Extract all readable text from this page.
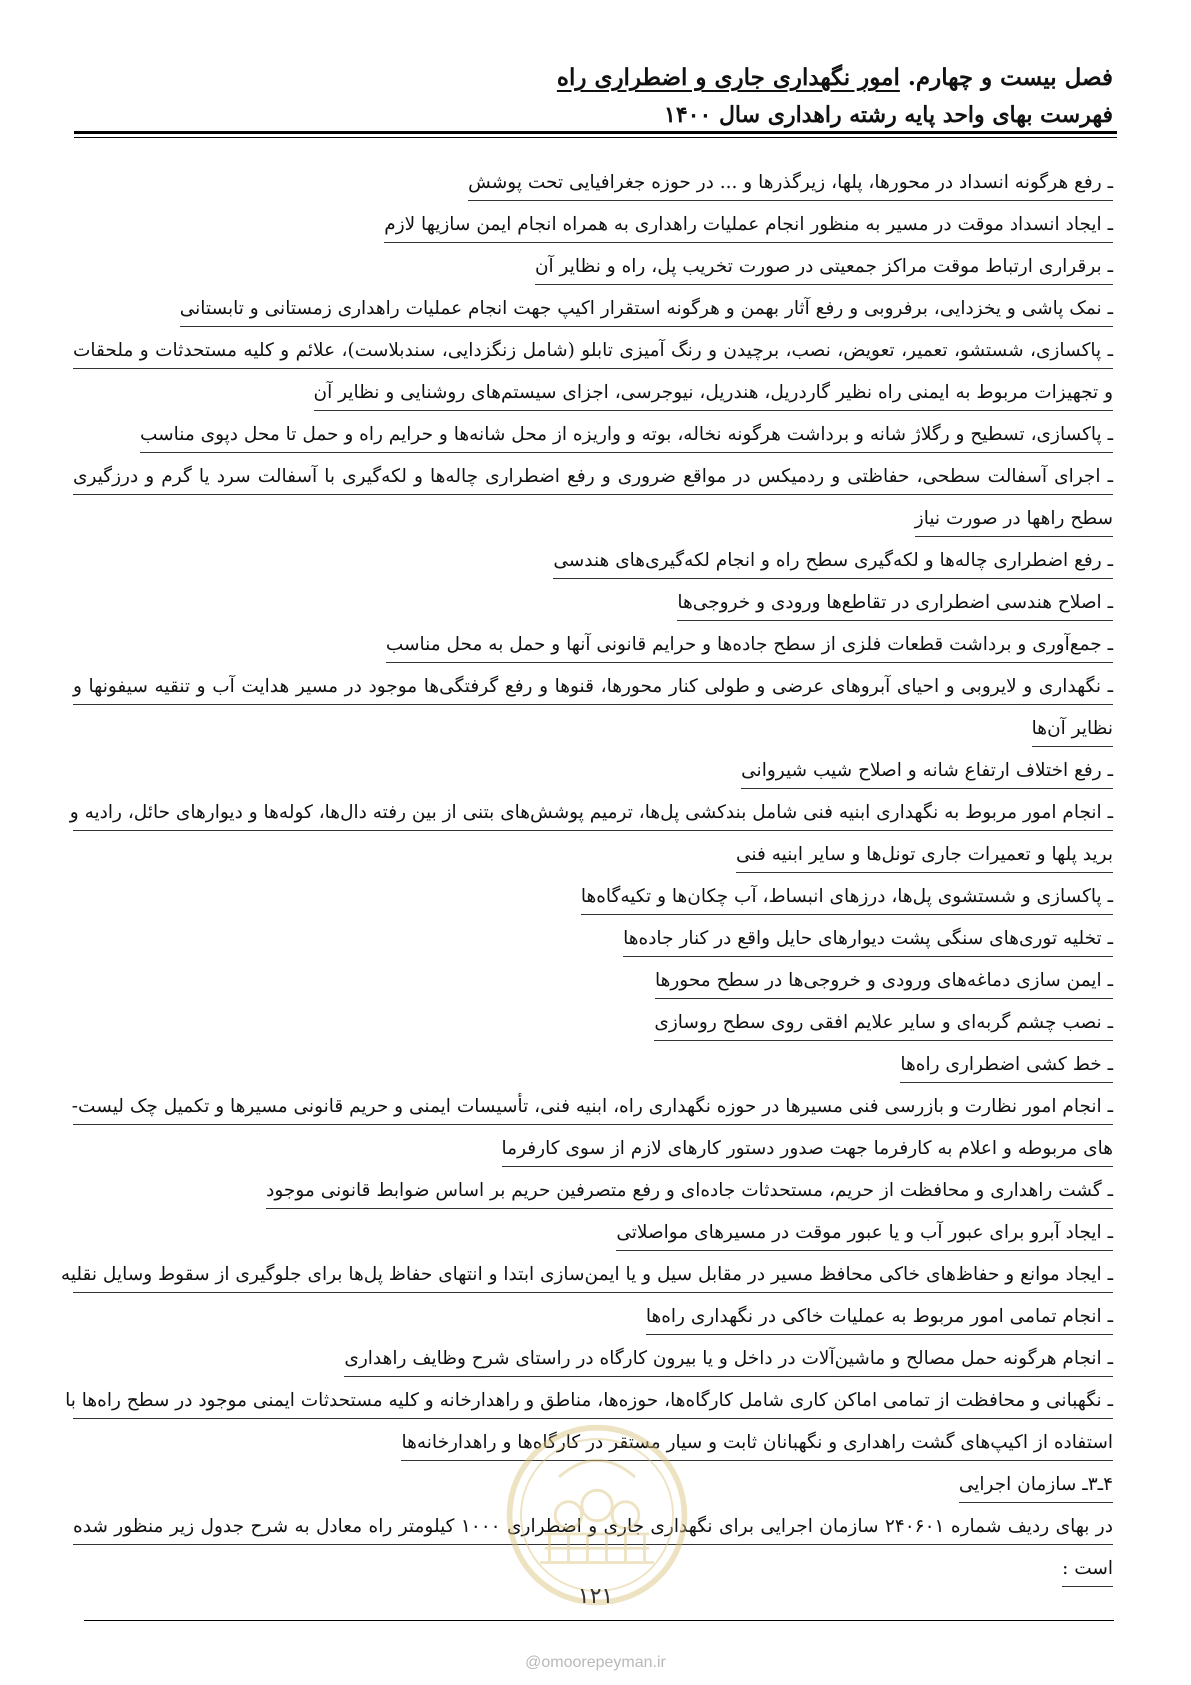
فصل بیست و چهارم. امور نگهداری جاری و اضطراری راه
فهرست بهای واحد پایه رشته راهداری سال ۱۴۰۰
ـ رفع هرگونه انسداد در محورها، پلها، زیرگذرها و ... در حوزه جغرافیایی تحت پوشش
ـ ایجاد انسداد موقت در مسیر به منظور انجام عملیات راهداری به همراه انجام ایمن سازیها لازم
ـ برقراری ارتباط موقت مراکز جمعیتی در صورت تخریب پل، راه و نظایر آن
ـ نمک پاشی و یخزدایی، برفروبی و رفع آثار بهمن و هرگونه استقرار اکیپ جهت انجام عملیات راهداری زمستانی و تابستانی
ـ پاکسازی، شستشو، تعمیر، تعویض، نصب، برچیدن و رنگ آمیزی تابلو (شامل زنگزدایی، سندبلاست)، علائم و کلیه مستحدثات و ملحقات
و تجهیزات مربوط به ایمنی راه نظیر گاردریل، هندریل، نیوجرسی، اجزای سیستم‌های روشنایی و نظایر آن
ـ پاکسازی، تسطیح و رگلاژ شانه و برداشت هرگونه نخاله، بوته و واریزه از محل شانه‌ها و حرایم راه و حمل تا محل دپوی مناسب
ـ اجرای آسفالت سطحی، حفاظتی و ردمیکس در مواقع ضروری و رفع اضطراری چاله‌ها و لکه‌گیری با آسفالت سرد یا گرم و درزگیری
سطح راهها در صورت نیاز
ـ رفع اضطراری چاله‌ها و لکه‌گیری سطح راه و انجام لکه‌گیری‌های هندسی
ـ اصلاح هندسی اضطراری در تقاطع‌ها ورودی و خروجی‌ها
ـ جمع‌آوری و برداشت قطعات فلزی از سطح جاده‌ها و حرایم قانونی آنها و حمل به محل مناسب
ـ نگهداری و لایروبی و احیای آبروهای عرضی و طولی کنار محورها، قنوها و رفع گرفتگی‌ها موجود در مسیر هدایت آب و تنقیه سیفونها و
نظایر آن‌ها
ـ رفع اختلاف ارتفاع شانه و اصلاح شیب شیروانی
ـ انجام امور مربوط به نگهداری ابنیه فنی شامل بندکشی پل‌ها، ترمیم پوشش‌های بتنی از بین رفته دال‌ها، کوله‌ها و دیوارهای حائل، رادیه و
برید پلها و تعمیرات جاری تونل‌ها و سایر ابنیه فنی
ـ پاکسازی و شستشوی پل‌ها، درزهای انبساط، آب چکان‌ها و تکیه‌گاه‌ها
ـ تخلیه توری‌های سنگی پشت دیوارهای حایل واقع در کنار جاده‌ها
ـ ایمن سازی دماغه‌های ورودی و خروجی‌ها در سطح محورها
ـ نصب چشم گربه‌ای و سایر علایم افقی روی سطح روسازی
ـ خط کشی اضطراری راه‌ها
ـ انجام امور نظارت و بازرسی فنی مسیرها در حوزه نگهداری راه، ابنیه فنی، تأسیسات ایمنی و حریم قانونی مسیرها و تکمیل چک لیست-
های مربوطه و اعلام به کارفرما جهت صدور دستور کارهای لازم از سوی کارفرما
ـ گشت راهداری و محافظت از حریم، مستحدثات جاده‌ای و رفع متصرفین حریم بر اساس ضوابط قانونی موجود
ـ ایجاد آبرو برای عبور آب و یا عبور موقت در مسیرهای مواصلاتی
ـ ایجاد موانع و حفاظ‌های خاکی محافظ مسیر در مقابل سیل و یا ایمن‌سازی ابتدا و انتهای حفاظ پل‌ها برای جلوگیری از سقوط وسایل نقلیه
ـ انجام تمامی امور مربوط به عملیات خاکی در نگهداری راه‌ها
ـ انجام هرگونه حمل مصالح و ماشین‌آلات در داخل و یا بیرون کارگاه در راستای شرح وظایف راهداری
ـ نگهبانی و محافظت از تمامی اماکن کاری شامل کارگاه‌ها، حوزه‌ها، مناطق و راهدارخانه و کلیه مستحدثات ایمنی موجود در سطح راه‌ها با
استفاده از اکیپ‌های گشت راهداری و نگهبانان ثابت و سیار مستقر در کارگاه‌ها و راهدارخانه‌ها
۴ـ۳ـ سازمان اجرایی
در بهای ردیف شماره ۲۴۰۶۰۱ سازمان اجرایی برای نگهداری جاری و اضطراری ۱۰۰۰ کیلومتر راه معادل به شرح جدول زیر منظور شده
است :
۱۲۱
@omoorepeyman.ir
